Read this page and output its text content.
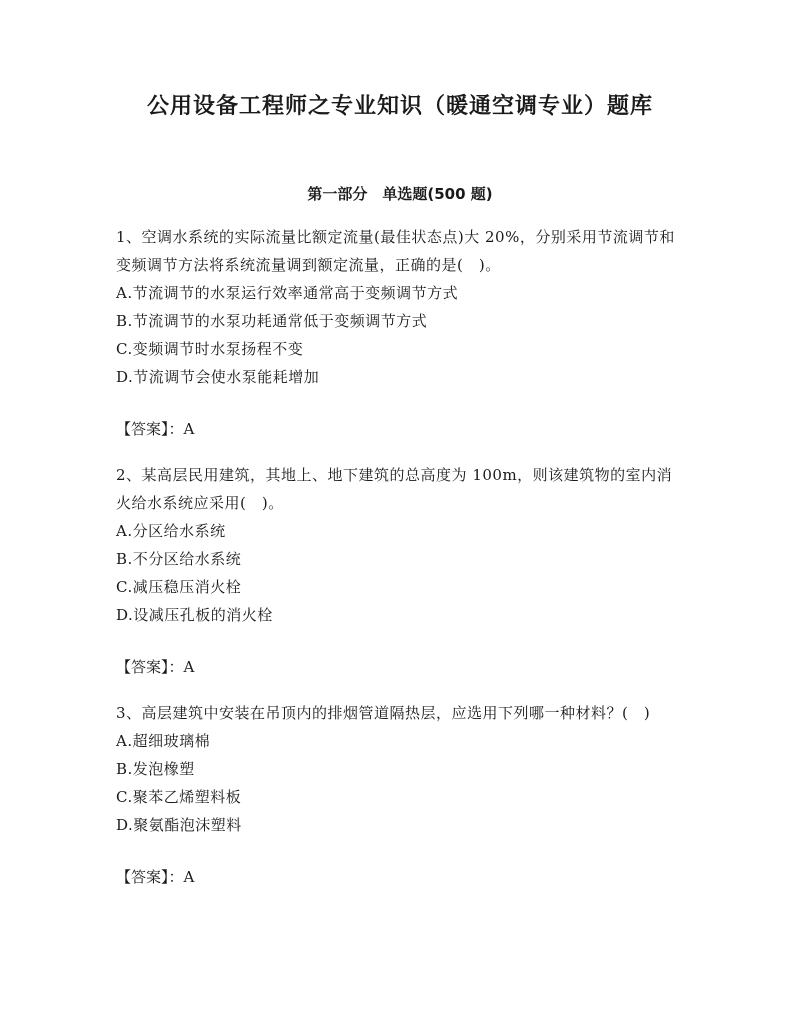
公用设备工程师之专业知识（暖通空调专业）题库
第一部分　单选题(500 题)

1、空调水系统的实际流量比额定流量(最佳状态点)大 20%，分别采用节流调节和变频调节方法将系统流量调到额定流量，正确的是(　)。

A.节流调节的水泵运行效率通常高于变频调节方式

B.节流调节的水泵功耗通常低于变频调节方式

C.变频调节时水泵扬程不变

D.节流调节会使水泵能耗增加

【答案】：A

2、某高层民用建筑，其地上、地下建筑的总高度为 100m，则该建筑物的室内消火给水系统应采用(　)。

A.分区给水系统

B.不分区给水系统

C.减压稳压消火栓

D.设减压孔板的消火栓

【答案】：A

3、高层建筑中安装在吊顶内的排烟管道隔热层，应选用下列哪一种材料？(　)

A.超细玻璃棉

B.发泡橡塑

C.聚苯乙烯塑料板

D.聚氨酯泡沫塑料

【答案】：A
